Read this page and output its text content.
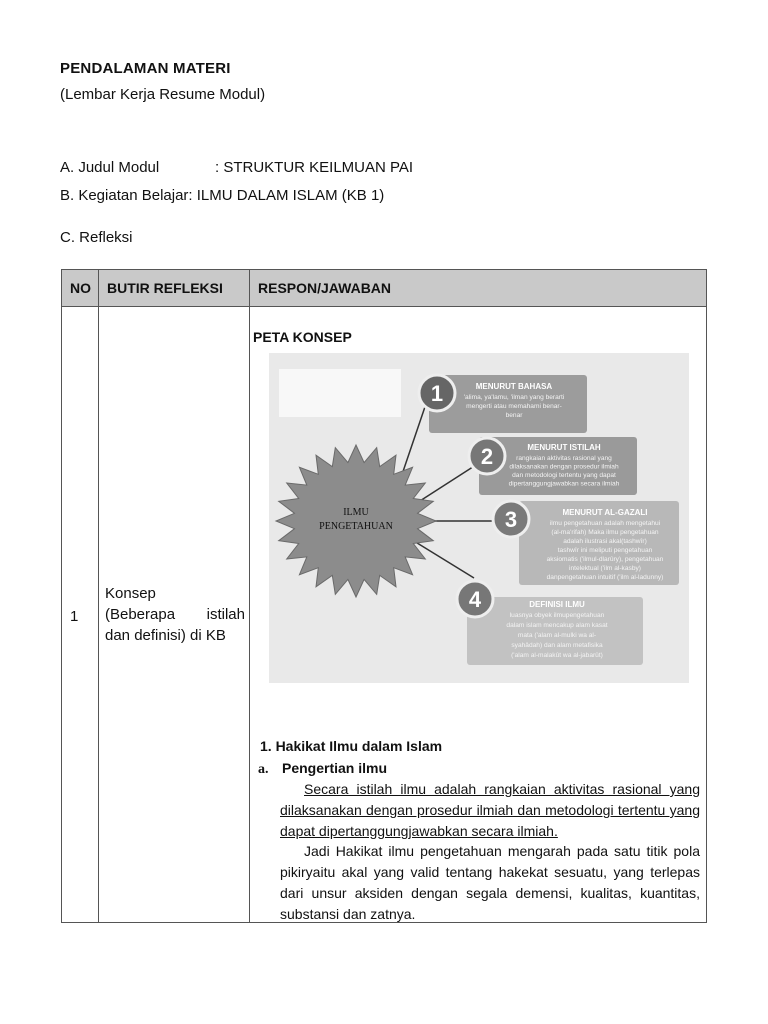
PENDALAMAN MATERI
(Lembar Kerja Resume Modul)
A. Judul Modul	: STRUKTUR KEILMUAN PAI
B. Kegiatan Belajar: ILMU DALAM ISLAM (KB 1)
C. Refleksi
NO BUTIR REFLEKSI	RESPON/JAWABAN
1
Konsep
(Beberapa istilah
dan definisi) di KB
PETA KONSEP
1
2
3
4
ILMU
PENGETAHUAN
MENURUT BAHASA
'alima, ya'lamu, 'ilman yang berarti
mengerti atau memahami benar-
benar
MENURUT ISTILAH
rangkaian aktivitas rasional yang
dilaksanakan dengan prosedur ilmiah
dan metodologi tertentu yang dapat
dipertanggungjawabkan secara ilmiah
MENURUT AL-GAZALI
ilmu pengetahuan adalah mengetahui
(al-ma'rifah) Maka ilmu pengetahuan
adalah ilustrasi akal(tashwîr)
tashwîr ini meliputi pengetahuan
aksiomatis ('ilmul-dlarûry), pengetahuan
intelektual ('ilm al-kasby)
danpengetahuan intuitif ('ilm al-ladunny)
DEFINISI ILMU
luasnya obyek ilmupengetahuan
dalam islam mencakup alam kasat
mata ('alam al-mulki wa al-
syahâdah) dan alam metafisika
('alam al-malakût wa al-jabarût)
1. Hakikat Ilmu dalam Islam
a. Pengertian ilmu
Secara istilah ilmu adalah rangkaian aktivitas rasional yang dilaksanakan dengan prosedur ilmiah dan metodologi tertentu yang dapat dipertanggungjawabkan secara ilmiah.
Jadi Hakikat ilmu pengetahuan mengarah pada satu titik pola pikiryaitu akal yang valid tentang hakekat sesuatu, yang terlepas dari unsur aksiden dengan segala demensi, kualitas, kuantitas, substansi dan zatnya.
